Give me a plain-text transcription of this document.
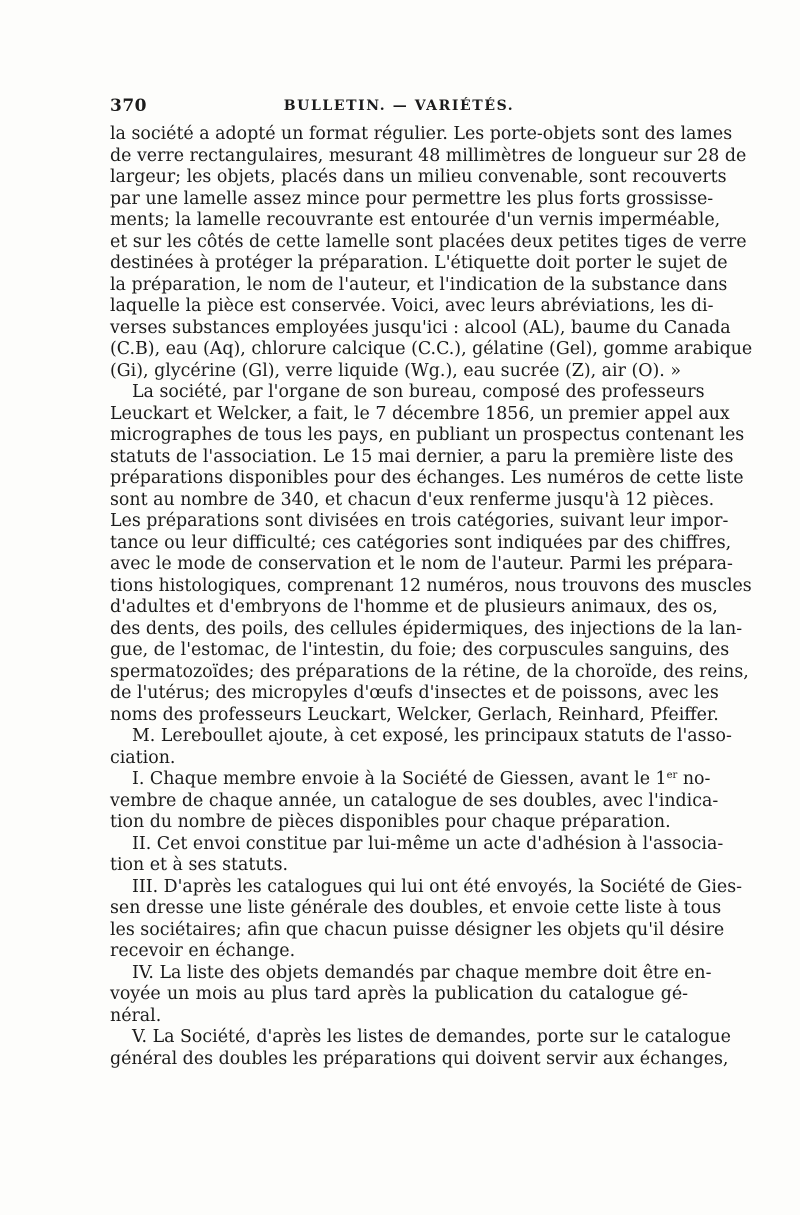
370	BULLETIN. — VARIÉTÉS.
la société a adopté un format régulier. Les porte-objets sont des lames
de verre rectangulaires, mesurant 48 millimètres de longueur sur 28 de
largeur; les objets, placés dans un milieu convenable, sont recouverts
par une lamelle assez mince pour permettre les plus forts grossisse-
ments; la lamelle recouvrante est entourée d'un vernis imperméable,
et sur les côtés de cette lamelle sont placées deux petites tiges de verre
destinées à protéger la préparation. L'étiquette doit porter le sujet de
la préparation, le nom de l'auteur, et l'indication de la substance dans
laquelle la pièce est conservée. Voici, avec leurs abréviations, les di-
verses substances employées jusqu'ici : alcool (AL), baume du Canada
(C.B), eau (Aq), chlorure calcique (C.C.), gélatine (Gel), gomme arabique
(Gi), glycérine (Gl), verre liquide (Wg.), eau sucrée (Z), air (O). »
La société, par l'organe de son bureau, composé des professeurs
Leuckart et Welcker, a fait, le 7 décembre 1856, un premier appel aux
micrographes de tous les pays, en publiant un prospectus contenant les
statuts de l'association. Le 15 mai dernier, a paru la première liste des
préparations disponibles pour des échanges. Les numéros de cette liste
sont au nombre de 340, et chacun d'eux renferme jusqu'à 12 pièces.
Les préparations sont divisées en trois catégories, suivant leur impor-
tance ou leur difficulté; ces catégories sont indiquées par des chiffres,
avec le mode de conservation et le nom de l'auteur. Parmi les prépara-
tions histologiques, comprenant 12 numéros, nous trouvons des muscles
d'adultes et d'embryons de l'homme et de plusieurs animaux, des os,
des dents, des poils, des cellules épidermiques, des injections de la lan-
gue, de l'estomac, de l'intestin, du foie; des corpuscules sanguins, des
spermatozoïdes; des préparations de la rétine, de la choroïde, des reins,
de l'utérus; des micropyles d'œufs d'insectes et de poissons, avec les
noms des professeurs Leuckart, Welcker, Gerlach, Reinhard, Pfeiffer.
M. Lereboullet ajoute, à cet exposé, les principaux statuts de l'asso-
ciation.
I. Chaque membre envoie à la Société de Giessen, avant le 1er no-
vembre de chaque année, un catalogue de ses doubles, avec l'indica-
tion du nombre de pièces disponibles pour chaque préparation.
II. Cet envoi constitue par lui-même un acte d'adhésion à l'associa-
tion et à ses statuts.
III. D'après les catalogues qui lui ont été envoyés, la Société de Gies-
sen dresse une liste générale des doubles, et envoie cette liste à tous
les sociétaires; afin que chacun puisse désigner les objets qu'il désire
recevoir en échange.
IV. La liste des objets demandés par chaque membre doit être en-
voyée un mois au plus tard après la publication du catalogue gé-
néral.
V. La Société, d'après les listes de demandes, porte sur le catalogue
général des doubles les préparations qui doivent servir aux échanges,
